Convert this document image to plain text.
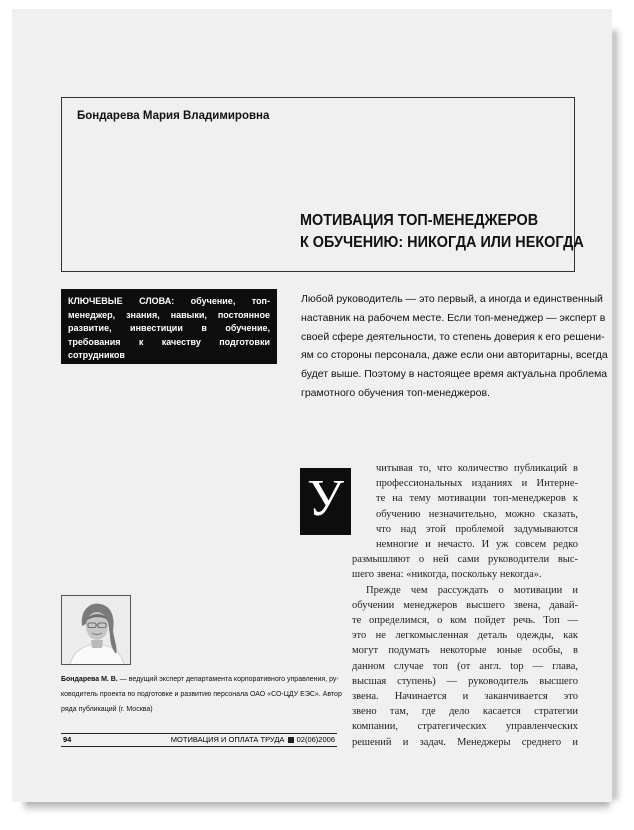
Бондарева Мария Владимировна
МОТИВАЦИЯ ТОП-МЕНЕДЖЕРОВ
К ОБУЧЕНИЮ: НИКОГДА ИЛИ НЕКОГДА
КЛЮЧЕВЫЕ СЛОВА: обучение, топ-менеджер, знания, навыки, постоянное развитие, инвестиции в обучение, требования к качеству подготовки сотрудников
Любой руководитель — это первый, а иногда и единственный
наставник на рабочем месте. Если топ-менеджер — эксперт в
своей сфере деятельности, то степень доверия к его решени-
ям со стороны персонала, даже если они авторитарны, всегда
будет выше. Поэтому в настоящее время актуальна проблема
грамотного обучения топ-менеджеров.
У
читывая то, что количество публикаций в
профессиональных изданиях и Интерне-
те на тему мотивации топ-менеджеров к
обучению незначительно, можно сказать,
что над этой проблемой задумываются
немногие и нечасто. И уж совсем редко
размышляют о ней сами руководители выс-
шего звена: «никогда, поскольку некогда».
Прежде чем рассуждать о мотивации и
обучении менеджеров высшего звена, давай-
те определимся, о ком пойдет речь. Топ —
это не легкомысленная деталь одежды, как
могут подумать некоторые юные особы, в
данном случае топ (от англ. top — глава,
высшая ступень) — руководитель высшего
звена. Начинается и заканчивается это
звено там, где дело касается стратегии
компании, стратегических управленческих
решений и задач. Менеджеры среднего и
Бондарева М. В. — ведущий эксперт департамента корпоративного управления, ру-
ководитель проекта по подготовке и развитию персонала ОАО «СО-ЦДУ ЕЭС». Автор
ряда публикаций (г. Москва)
94	МОТИВАЦИЯ И ОПЛАТА ТРУДА 02(06)2006
